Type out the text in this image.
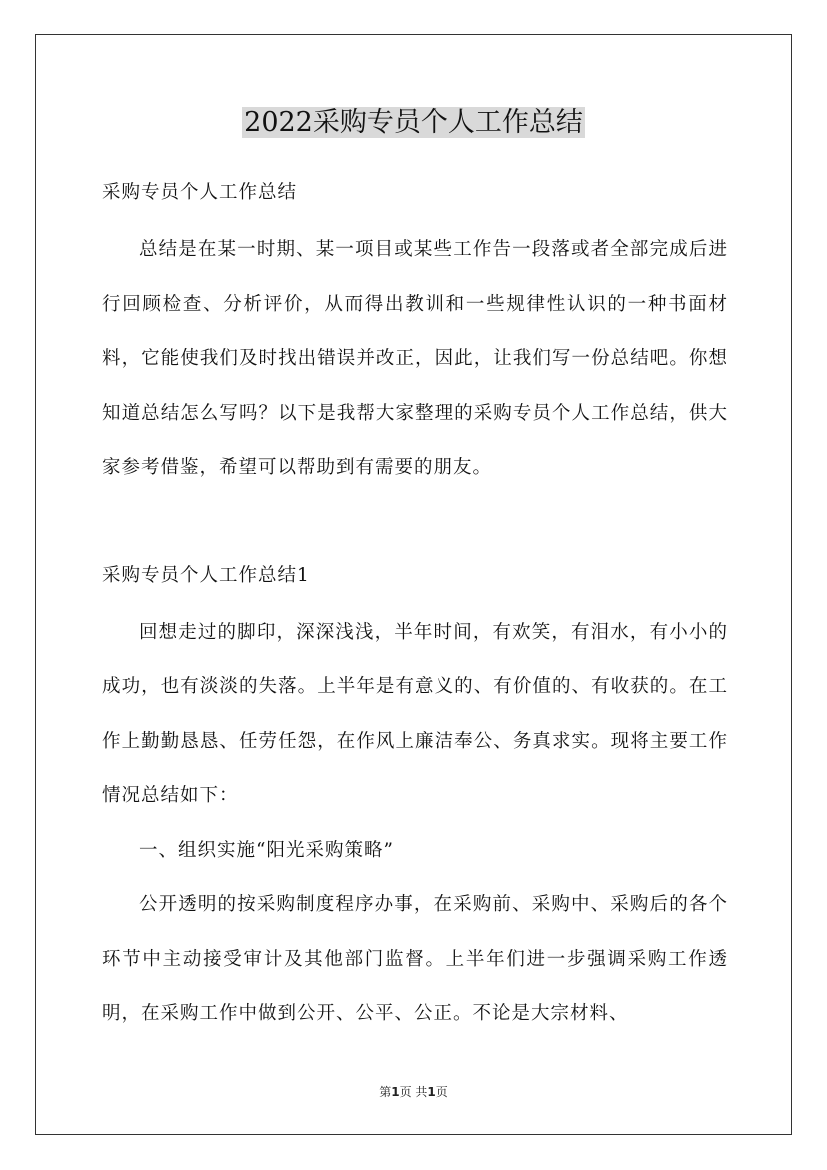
2022采购专员个人工作总结

采购专员个人工作总结

总结是在某一时期、某一项目或某些工作告一段落或者全部完成后进行回顾检查、分析评价，从而得出教训和一些规律性认识的一种书面材料，它能使我们及时找出错误并改正，因此，让我们写一份总结吧。你想知道总结怎么写吗？以下是我帮大家整理的采购专员个人工作总结，供大家参考借鉴，希望可以帮助到有需要的朋友。

采购专员个人工作总结1

回想走过的脚印，深深浅浅，半年时间，有欢笑，有泪水，有小小的成功，也有淡淡的失落。上半年是有意义的、有价值的、有收获的。在工作上勤勤恳恳、任劳任怨，在作风上廉洁奉公、务真求实。现将主要工作情况总结如下：

一、组织实施“阳光采购策略”

公开透明的按采购制度程序办事，在采购前、采购中、采购后的各个环节中主动接受审计及其他部门监督。上半年们进一步强调采购工作透明，在采购工作中做到公开、公平、公正。不论是大宗材料、

第1页 共1页
